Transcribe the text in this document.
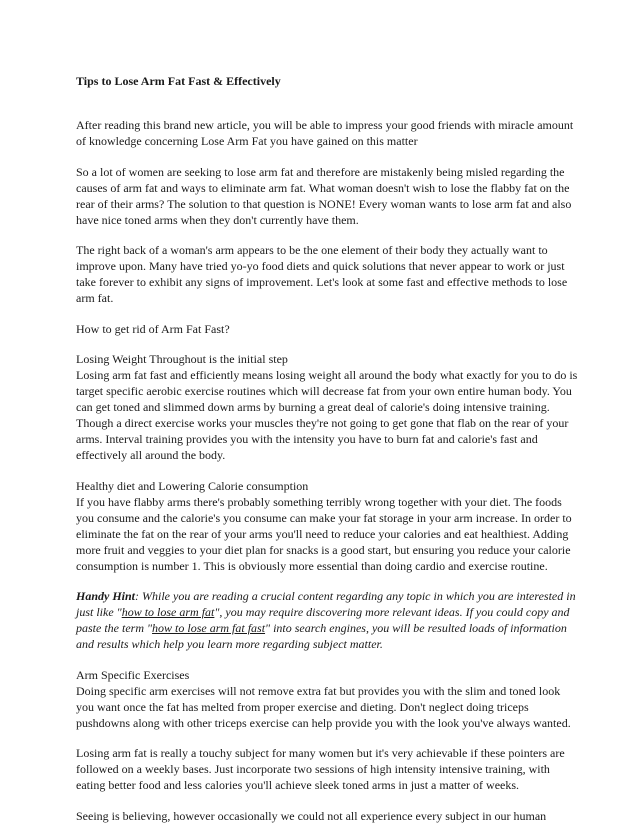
Tips to Lose Arm Fat Fast & Effectively

After reading this brand new article, you will be able to impress your good friends with miracle amount of knowledge concerning Lose Arm Fat you have gained on this matter

So a lot of women are seeking to lose arm fat and therefore are mistakenly being misled regarding the causes of arm fat and ways to eliminate arm fat. What woman doesn't wish to lose the flabby fat on the rear of their arms? The solution to that question is NONE! Every woman wants to lose arm fat and also have nice toned arms when they don't currently have them.

The right back of a woman's arm appears to be the one element of their body they actually want to improve upon. Many have tried yo-yo food diets and quick solutions that never appear to work or just take forever to exhibit any signs of improvement. Let's look at some fast and effective methods to lose arm fat.

How to get rid of Arm Fat Fast?

Losing Weight Throughout is the initial step

Losing arm fat fast and efficiently means losing weight all around the body what exactly for you to do is target specific aerobic exercise routines which will decrease fat from your own entire human body. You can get toned and slimmed down arms by burning a great deal of calorie's doing intensive training. Though a direct exercise works your muscles they're not going to get gone that flab on the rear of your arms. Interval training provides you with the intensity you have to burn fat and calorie's fast and effectively all around the body.

Healthy diet and Lowering Calorie consumption

If you have flabby arms there's probably something terribly wrong together with your diet. The foods you consume and the calorie's you consume can make your fat storage in your arm increase. In order to eliminate the fat on the rear of your arms you'll need to reduce your calories and eat healthiest. Adding more fruit and veggies to your diet plan for snacks is a good start, but ensuring you reduce your calorie consumption is number 1. This is obviously more essential than doing cardio and exercise routine.

Handy Hint: While you are reading a crucial content regarding any topic in which you are interested in just like "how to lose arm fat", you may require discovering more relevant ideas. If you could copy and paste the term "how to lose arm fat fast" into search engines, you will be resulted loads of information and results which help you learn more regarding subject matter.

Arm Specific Exercises

Doing specific arm exercises will not remove extra fat but provides you with the slim and toned look you want once the fat has melted from proper exercise and dieting. Don't neglect doing triceps pushdowns along with other triceps exercise can help provide you with the look you've always wanted.

Losing arm fat is really a touchy subject for many women but it's very achievable if these pointers are followed on a weekly bases. Just incorporate two sessions of high intensity intensive training, with eating better food and less calories you'll achieve sleek toned arms in just a matter of weeks.

Seeing is believing, however occasionally we could not all experience every subject in our human
